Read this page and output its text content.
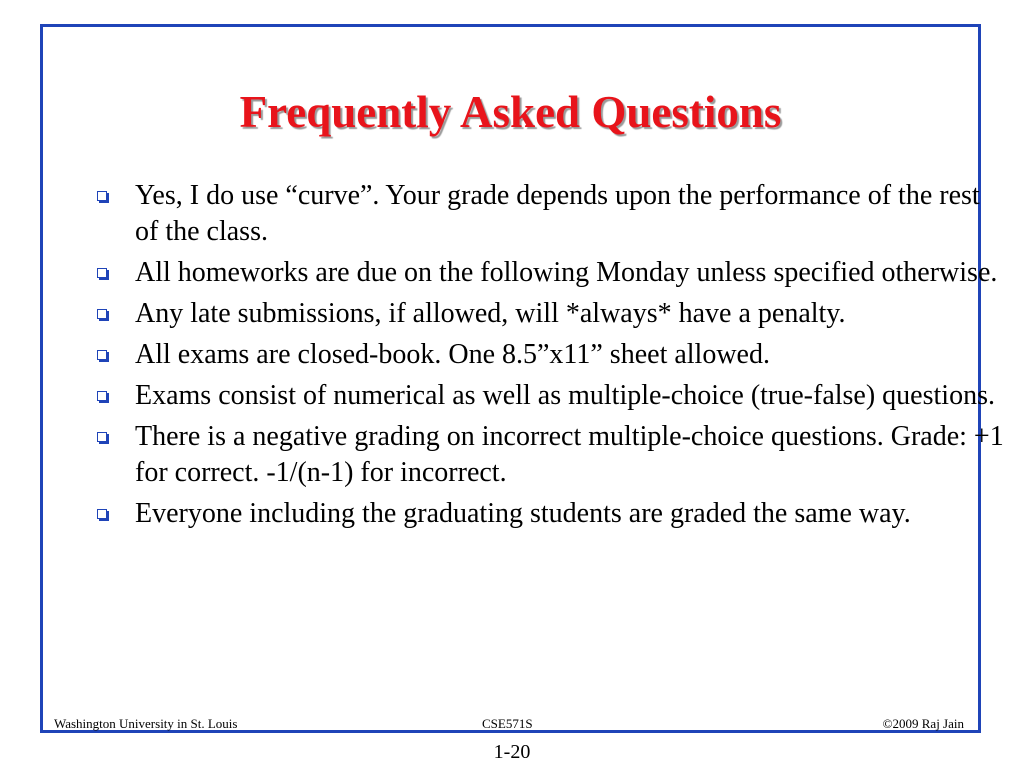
Frequently Asked Questions
Yes, I do use “curve”. Your grade depends upon the performance of the rest of the class.
All homeworks are due on the following Monday unless specified otherwise.
Any late submissions, if allowed, will *always* have a penalty.
All exams are closed-book. One 8.5”x11” sheet allowed.
Exams consist of numerical as well as multiple-choice (true-false) questions.
There is a negative grading on incorrect multiple-choice questions. Grade: +1 for correct. -1/(n-1) for incorrect.
Everyone including the graduating students are graded the same way.
Washington University in St. Louis	CSE571S	©2009 Raj Jain
1-20
